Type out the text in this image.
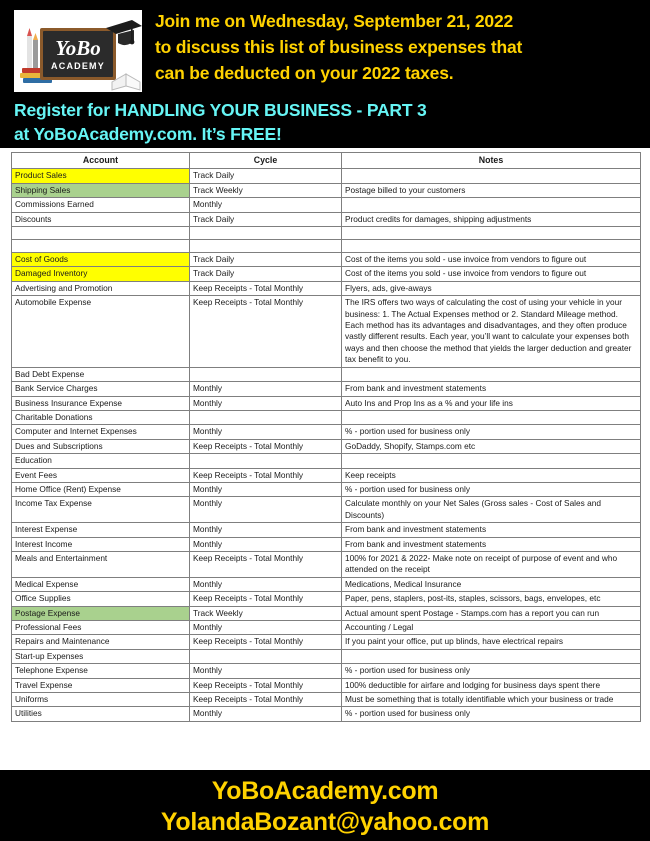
YoBo
ACADEMY
Join me on Wednesday, September 21, 2022
to discuss this list of business expenses that
can be deducted on your 2022 taxes.
Register for HANDLING YOUR BUSINESS - PART 3
at YoBoAcademy.com. It’s FREE!
Account	Cycle	Notes
Product Sales	Track Daily	
Shipping Sales	Track Weekly	Postage billed to your customers
Commissions Earned	Monthly	
Discounts	Track Daily	Product credits for damages, shipping adjustments

Cost of Goods	Track Daily	Cost of the items you sold - use invoice from vendors to figure out
Damaged Inventory	Track Daily	Cost of the items you sold - use invoice from vendors to figure out
Advertising and Promotion	Keep Receipts - Total Monthly	Flyers, ads, give-aways
Automobile Expense	Keep Receipts - Total Monthly	The IRS offers two ways of calculating the cost of using your vehicle in your business: 1. The Actual Expenses method or 2. Standard Mileage method. Each method has its advantages and disadvantages, and they often produce vastly different results. Each year, you’ll want to calculate your expenses both ways and then choose the method that yields the larger deduction and greater tax benefit to you.
Bad Debt Expense		
Bank Service Charges	Monthly	From bank and investment statements
Business Insurance Expense	Monthly	Auto Ins and Prop Ins as a % and your life ins
Charitable Donations		
Computer and Internet Expenses	Monthly	% - portion used for business only
Dues and Subscriptions	Keep Receipts - Total Monthly	GoDaddy, Shopify, Stamps.com etc
Education		
Event Fees	Keep Receipts - Total Monthly	Keep receipts
Home Office (Rent) Expense	Monthly	% - portion used for business only
Income Tax Expense	Monthly	Calculate monthly on your Net Sales (Gross sales - Cost of Sales and Discounts)
Interest Expense	Monthly	From bank and investment statements
Interest Income	Monthly	From bank and investment statements
Meals and Entertainment	Keep Receipts - Total Monthly	100% for 2021 & 2022- Make note on receipt of purpose of event and who attended on the receipt
Medical Expense	Monthly	Medications, Medical Insurance
Office Supplies	Keep Receipts - Total Monthly	Paper, pens, staplers, post-its, staples, scissors, bags, envelopes, etc
Postage Expense	Track Weekly	Actual amount spent Postage - Stamps.com has a report you can run
Professional Fees	Monthly	Accounting / Legal
Repairs and Maintenance	Keep Receipts - Total Monthly	If you paint your office, put up blinds, have electrical repairs
Start-up Expenses		
Telephone Expense	Monthly	% - portion used for business only
Travel Expense	Keep Receipts - Total Monthly	100% deductible for airfare and lodging for business days spent there
Uniforms	Keep Receipts - Total Monthly	Must be something that is totally identifiable which your business or trade
Utilities	Monthly	% - portion used for business only
YoBoAcademy.com
YolandaBozant@yahoo.com
